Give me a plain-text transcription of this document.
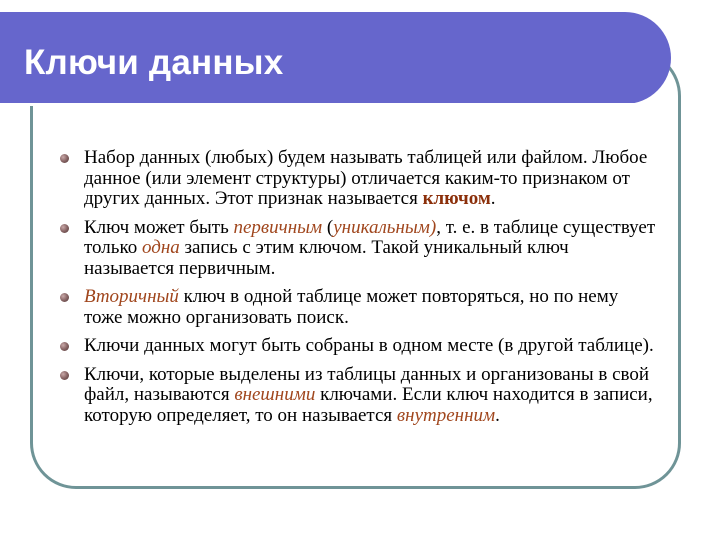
Ключи данных
Набор данных (любых) будем называть таблицей или файлом. Любое данное (или элемент структуры) отличается каким-то признаком от других данных. Этот признак называется ключом.
Ключ может быть первичным (уникальным), т. е. в таблице существует только одна запись с этим ключом. Такой уникальный ключ называется первичным.
Вторичный ключ в одной таблице может повторяться, но по нему тоже можно организовать поиск.
Ключи данных могут быть собраны в одном месте (в другой таблице).
Ключи, которые выделены из таблицы данных и организованы в свой файл, называются внешними ключами. Если ключ находится в записи, которую определяет, то он называется внутренним.
